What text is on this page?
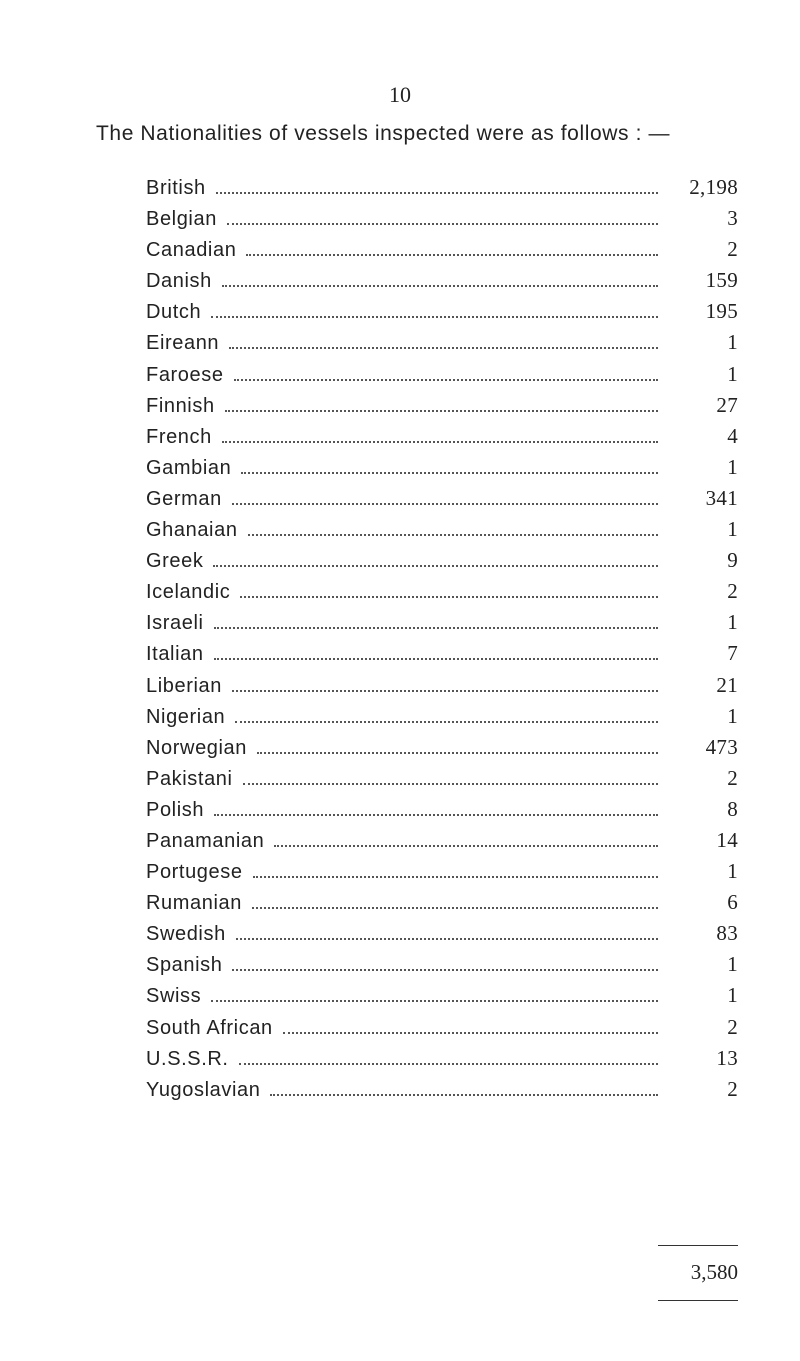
10
The Nationalities of vessels inspected were as follows : —
British	2,198
Belgian	3
Canadian	2
Danish	159
Dutch	195
Eireann	1
Faroese	1
Finnish	27
French	4
Gambian	1
German	341
Ghanaian	1
Greek	9
Icelandic	2
Israeli	1
Italian	7
Liberian	21
Nigerian	1
Norwegian	473
Pakistani	2
Polish	8
Panamanian	14
Portugese	1
Rumanian	6
Swedish	83
Spanish	1
Swiss	1
South African	2
U.S.S.R.	13
Yugoslavian	2
3,580
